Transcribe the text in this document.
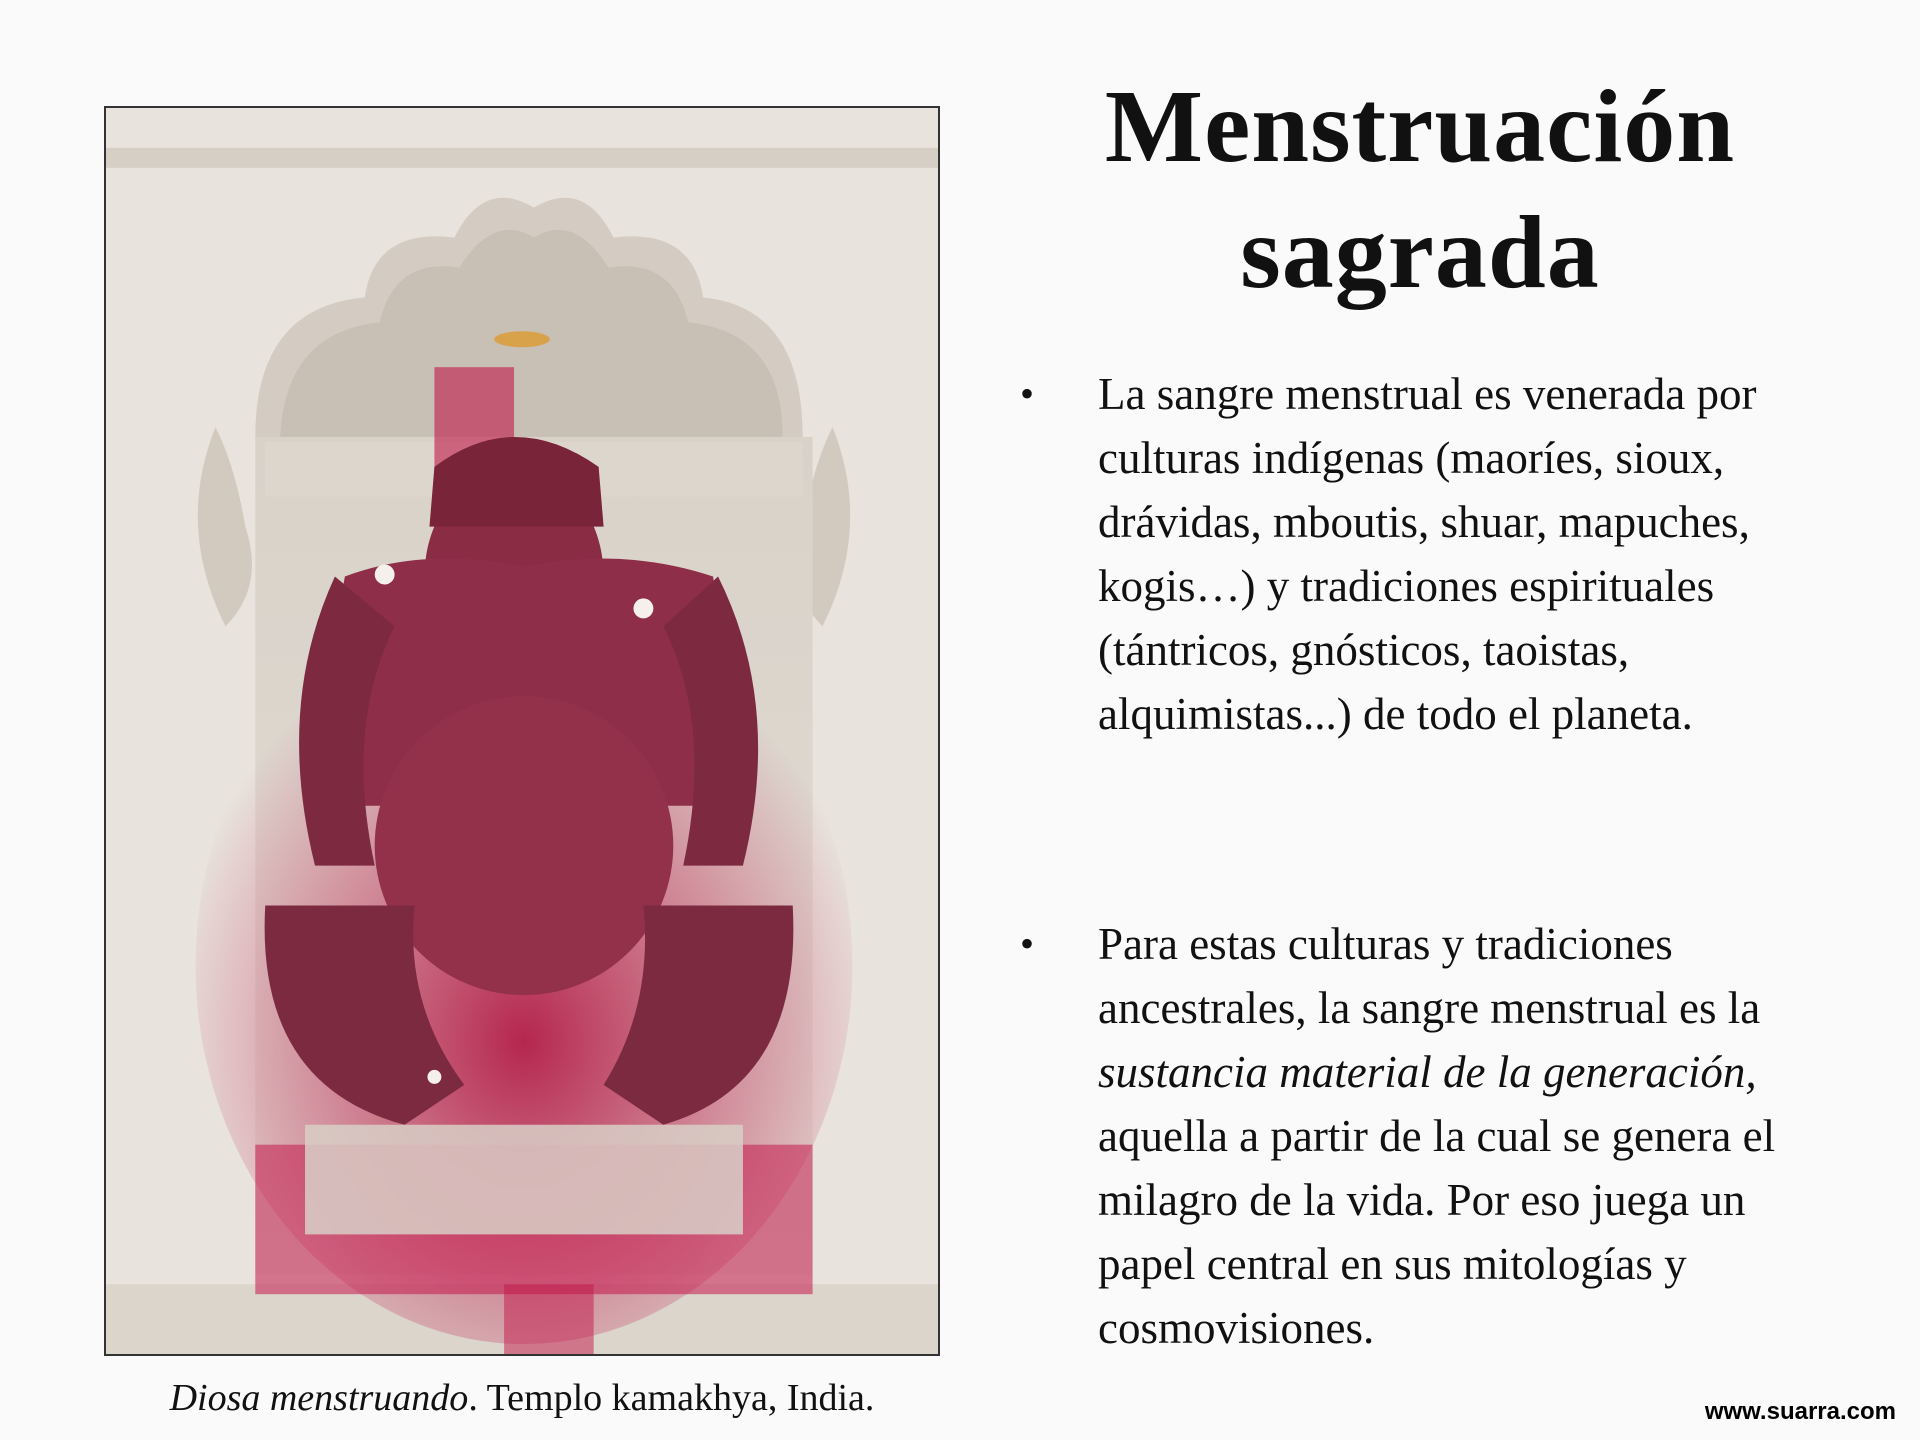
Diosa menstruando. Templo kamakhya, India.
Menstruación
sagrada
• La sangre menstrual es venerada por culturas indígenas (maoríes, sioux, drávidas, mboutis, shuar, mapuches, kogis…) y tradiciones espirituales (tántricos, gnósticos, taoistas, alquimistas...) de todo el planeta.
• Para estas culturas y tradiciones ancestrales, la sangre menstrual es la sustancia material de la generación, aquella a partir de la cual se genera el milagro de la vida. Por eso juega un papel central en sus mitologías y cosmovisiones.
www.suarra.com
